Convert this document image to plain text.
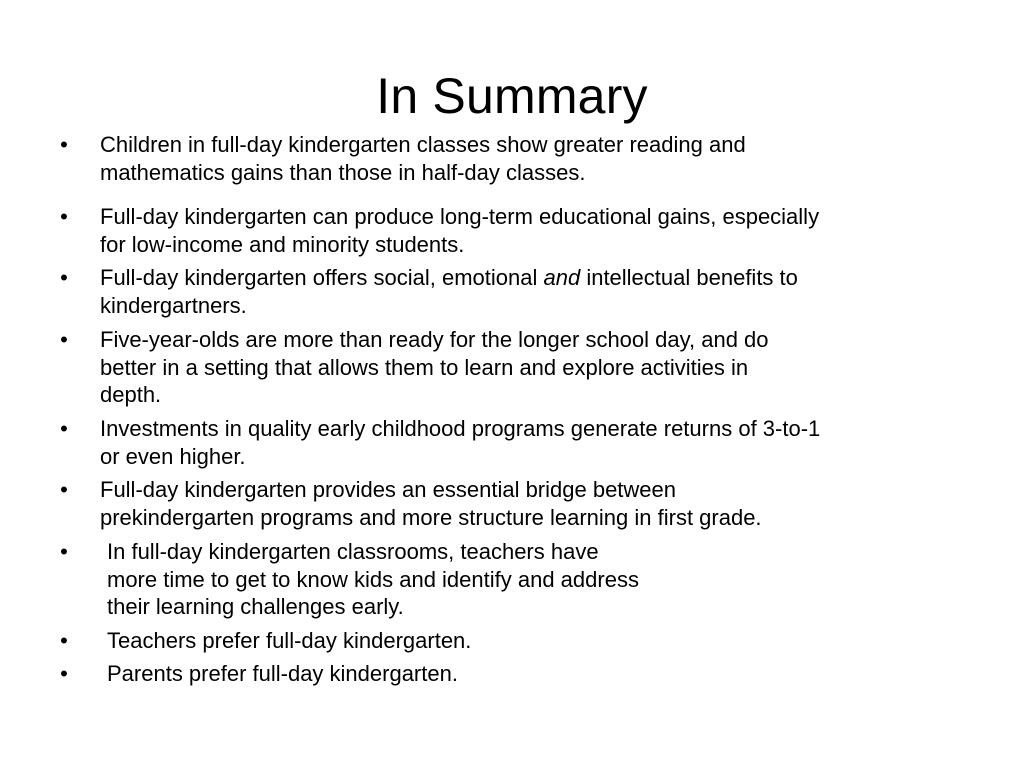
In Summary
• Children in full-day kindergarten classes show greater reading and
mathematics gains than those in half-day classes.
• Full-day kindergarten can produce long-term educational gains, especially
for low-income and minority students.
• Full-day kindergarten offers social, emotional and intellectual benefits to
kindergartners.
• Five-year-olds are more than ready for the longer school day, and do
better in a setting that allows them to learn and explore activities in
depth.
• Investments in quality early childhood programs generate returns of 3-to-1
or even higher.
• Full-day kindergarten provides an essential bridge between
prekindergarten programs and more structure learning in first grade.
• In full-day kindergarten classrooms, teachers have
more time to get to know kids and identify and address
their learning challenges early.
• Teachers prefer full-day kindergarten.
• Parents prefer full-day kindergarten.
